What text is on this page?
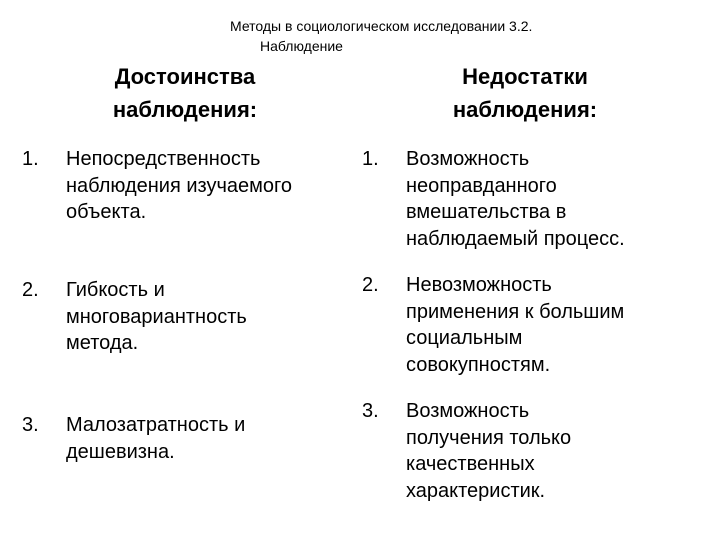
Методы в социологическом исследовании 3.2.
Наблюдение
Достоинства
наблюдения:
Недостатки
наблюдения:
1. Непосредственность
наблюдения изучаемого
объекта.
2. Гибкость и
многовариантность
метода.
3. Малозатратность и
дешевизна.
1. Возможность
неоправданного
вмешательства в
наблюдаемый процесс.
2. Невозможность
применения к большим
социальным
совокупностям.
3. Возможность
получения только
качественных
характеристик.
